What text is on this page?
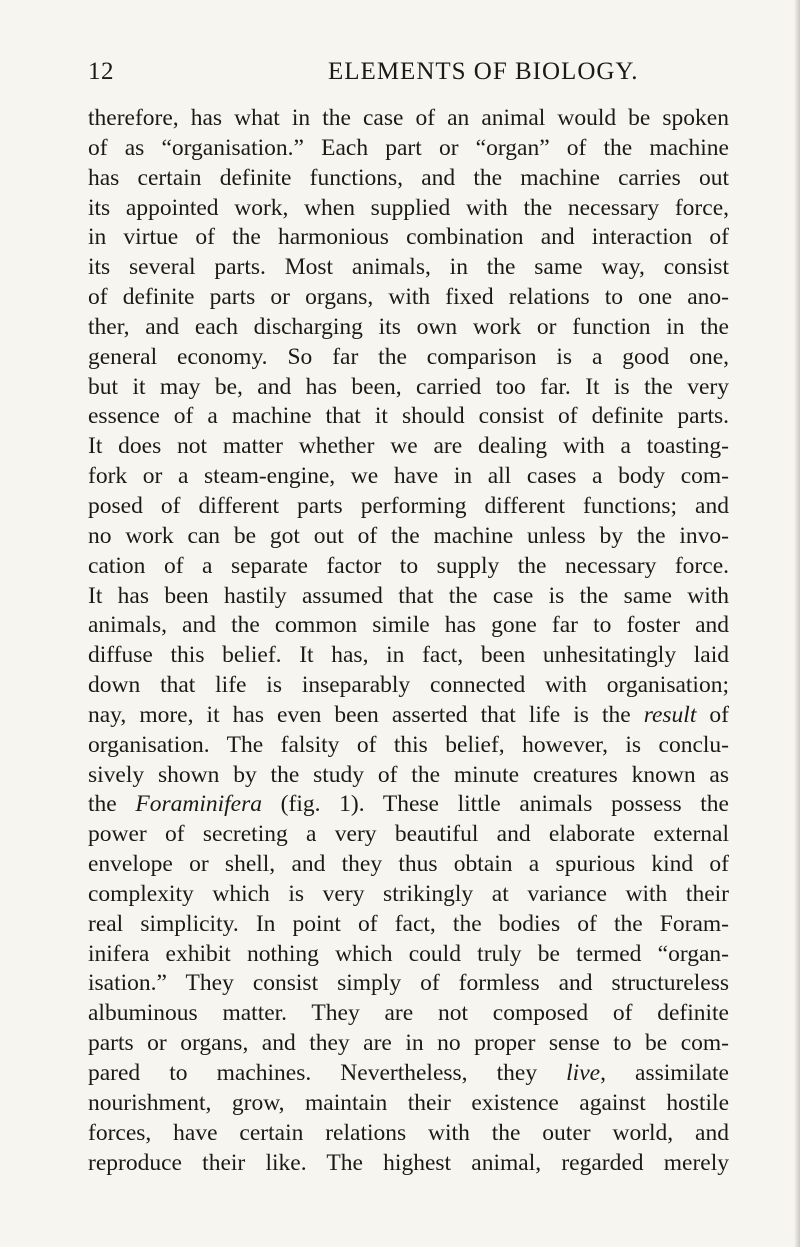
12	ELEMENTS OF BIOLOGY.
therefore, has what in the case of an animal would be spoken
of as “organisation.” Each part or “organ” of the machine
has certain definite functions, and the machine carries out
its appointed work, when supplied with the necessary force,
in virtue of the harmonious combination and interaction of
its several parts. Most animals, in the same way, consist
of definite parts or organs, with fixed relations to one ano-
ther, and each discharging its own work or function in the
general economy. So far the comparison is a good one,
but it may be, and has been, carried too far. It is the very
essence of a machine that it should consist of definite parts.
It does not matter whether we are dealing with a toasting-
fork or a steam-engine, we have in all cases a body com-
posed of different parts performing different functions; and
no work can be got out of the machine unless by the invo-
cation of a separate factor to supply the necessary force.
It has been hastily assumed that the case is the same with
animals, and the common simile has gone far to foster and
diffuse this belief. It has, in fact, been unhesitatingly laid
down that life is inseparably connected with organisation;
nay, more, it has even been asserted that life is the result of
organisation. The falsity of this belief, however, is conclu-
sively shown by the study of the minute creatures known as
the Foraminifera (fig. 1). These little animals possess the
power of secreting a very beautiful and elaborate external
envelope or shell, and they thus obtain a spurious kind of
complexity which is very strikingly at variance with their
real simplicity. In point of fact, the bodies of the Foram-
inifera exhibit nothing which could truly be termed “organ-
isation.” They consist simply of formless and structureless
albuminous matter. They are not composed of definite
parts or organs, and they are in no proper sense to be com-
pared to machines. Nevertheless, they live, assimilate
nourishment, grow, maintain their existence against hostile
forces, have certain relations with the outer world, and
reproduce their like. The highest animal, regarded merely
